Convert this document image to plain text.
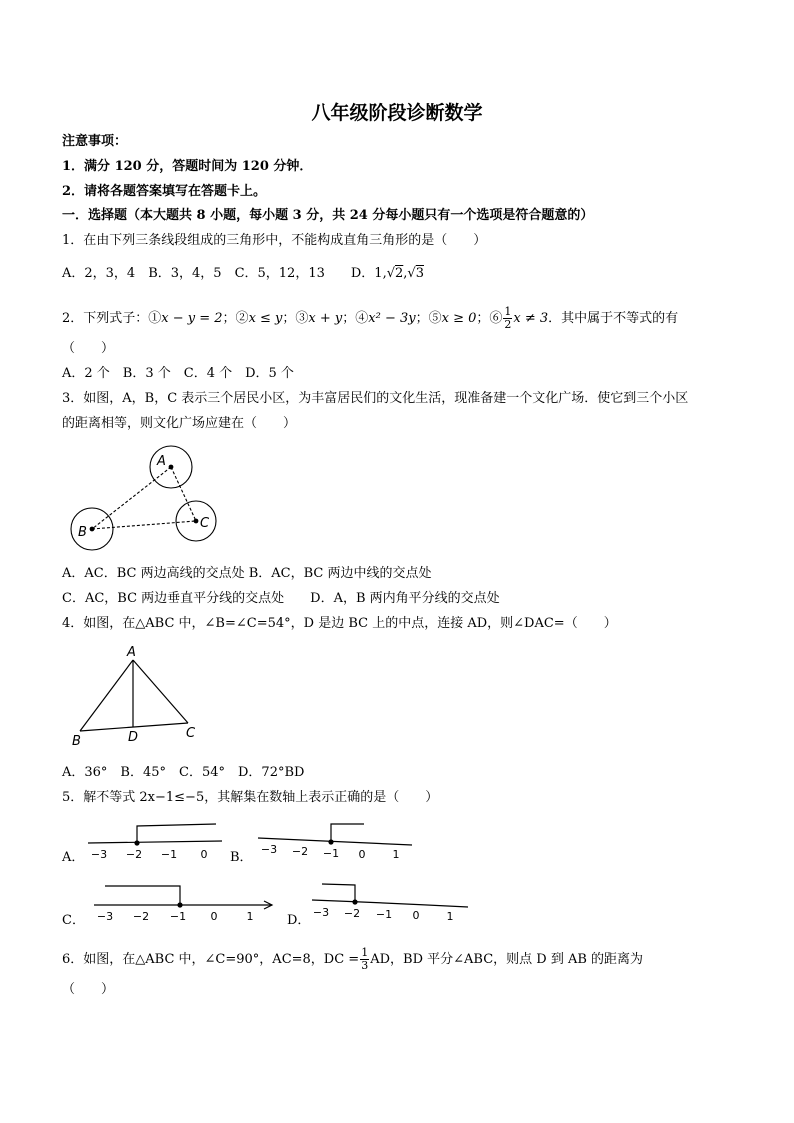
八年级阶段诊断数学
注意事项：
1．满分 120 分，答题时间为 120 分钟．
2．请将各题答案填写在答题卡上。
一．选择题（本大题共 8 小题，每小题 3 分，共 24 分每小题只有一个选项是符合题意的）
1．在由下列三条线段组成的三角形中，不能构成直角三角形的是（　　）
A．2，3，4　B．3，4，5　C．5，12，13　　D．1,√2,√3
2．下列式子：①x − y = 2；②x ≤ y；③x + y；④x² − 3y；⑤x ≥ 0；⑥ $\frac{1}{2}$ x ≠ 3．其中属于不等式的有
（　　）
A．2 个　B．3 个　C．4 个　D．5 个
3．如图，A，B，C 表示三个居民小区，为丰富居民们的文化生活，现准备建一个文化广场．使它到三个小区
的距离相等，则文化广场应建在（　　）
A
B
C
A．AC．BC 两边高线的交点处 B．AC，BC 两边中线的交点处
C．AC，BC 两边垂直平分线的交点处　　D．A，B 两内角平分线的交点处
4．如图，在△ABC 中，∠B=∠C=54°，D 是边 BC 上的中点，连接 AD，则∠DAC=（　　）
A
B
C
D
A．36°　B．45°　C．54°　D．72°BD
5．解不等式 2x−1≤−5，其解集在数轴上表示正确的是（　　）
A．	B．
C．	D．
−3 −2 −1 0	−3 −2 −1 0 1
−3 −2 −1 0	1	−3 −2 −1 0 1
6．如图，在△ABC 中，∠C=90°，AC=8，DC = $\frac{1}{3}$ AD，BD 平分∠ABC，则点 D 到 AB 的距离为
（　　）
